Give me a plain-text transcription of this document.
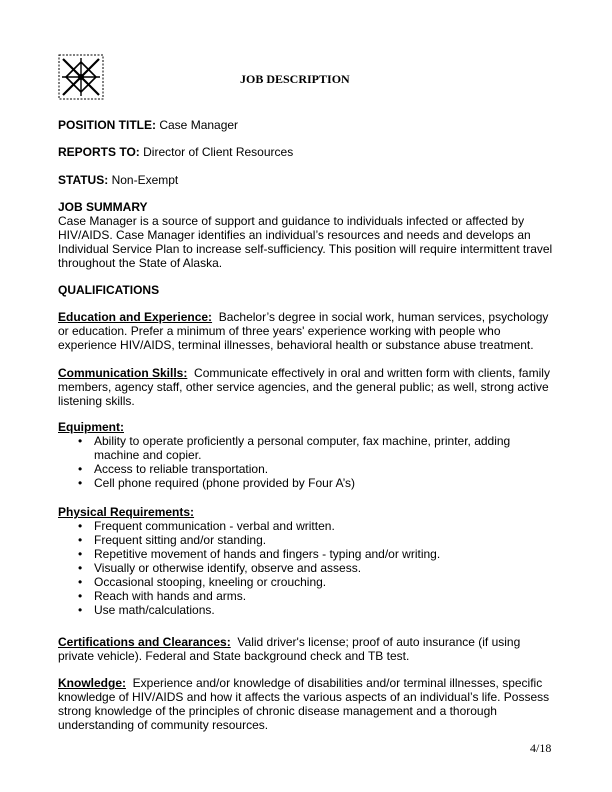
JOB DESCRIPTION
POSITION TITLE: Case Manager
REPORTS TO: Director of Client Resources
STATUS: Non-Exempt
JOB SUMMARY
Case Manager is a source of support and guidance to individuals infected or affected by
HIV/AIDS. Case Manager identifies an individual’s resources and needs and develops an
Individual Service Plan to increase self-sufficiency. This position will require intermittent travel
throughout the State of Alaska.
QUALIFICATIONS
Education and Experience:  Bachelor’s degree in social work, human services, psychology
or education. Prefer a minimum of three years' experience working with people who
experience HIV/AIDS, terminal illnesses, behavioral health or substance abuse treatment.
Communication Skills:  Communicate effectively in oral and written form with clients, family
members, agency staff, other service agencies, and the general public; as well, strong active
listening skills.
Equipment:
• Ability to operate proficiently a personal computer, fax machine, printer, adding
machine and copier.
• Access to reliable transportation.
• Cell phone required (phone provided by Four A’s)
Physical Requirements:
• Frequent communication - verbal and written.
• Frequent sitting and/or standing.
• Repetitive movement of hands and fingers - typing and/or writing.
• Visually or otherwise identify, observe and assess.
• Occasional stooping, kneeling or crouching.
• Reach with hands and arms.
• Use math/calculations.
Certifications and Clearances:  Valid driver's license; proof of auto insurance (if using
private vehicle). Federal and State background check and TB test.
Knowledge:  Experience and/or knowledge of disabilities and/or terminal illnesses, specific
knowledge of HIV/AIDS and how it affects the various aspects of an individual’s life. Possess
strong knowledge of the principles of chronic disease management and a thorough
understanding of community resources.
4/18
